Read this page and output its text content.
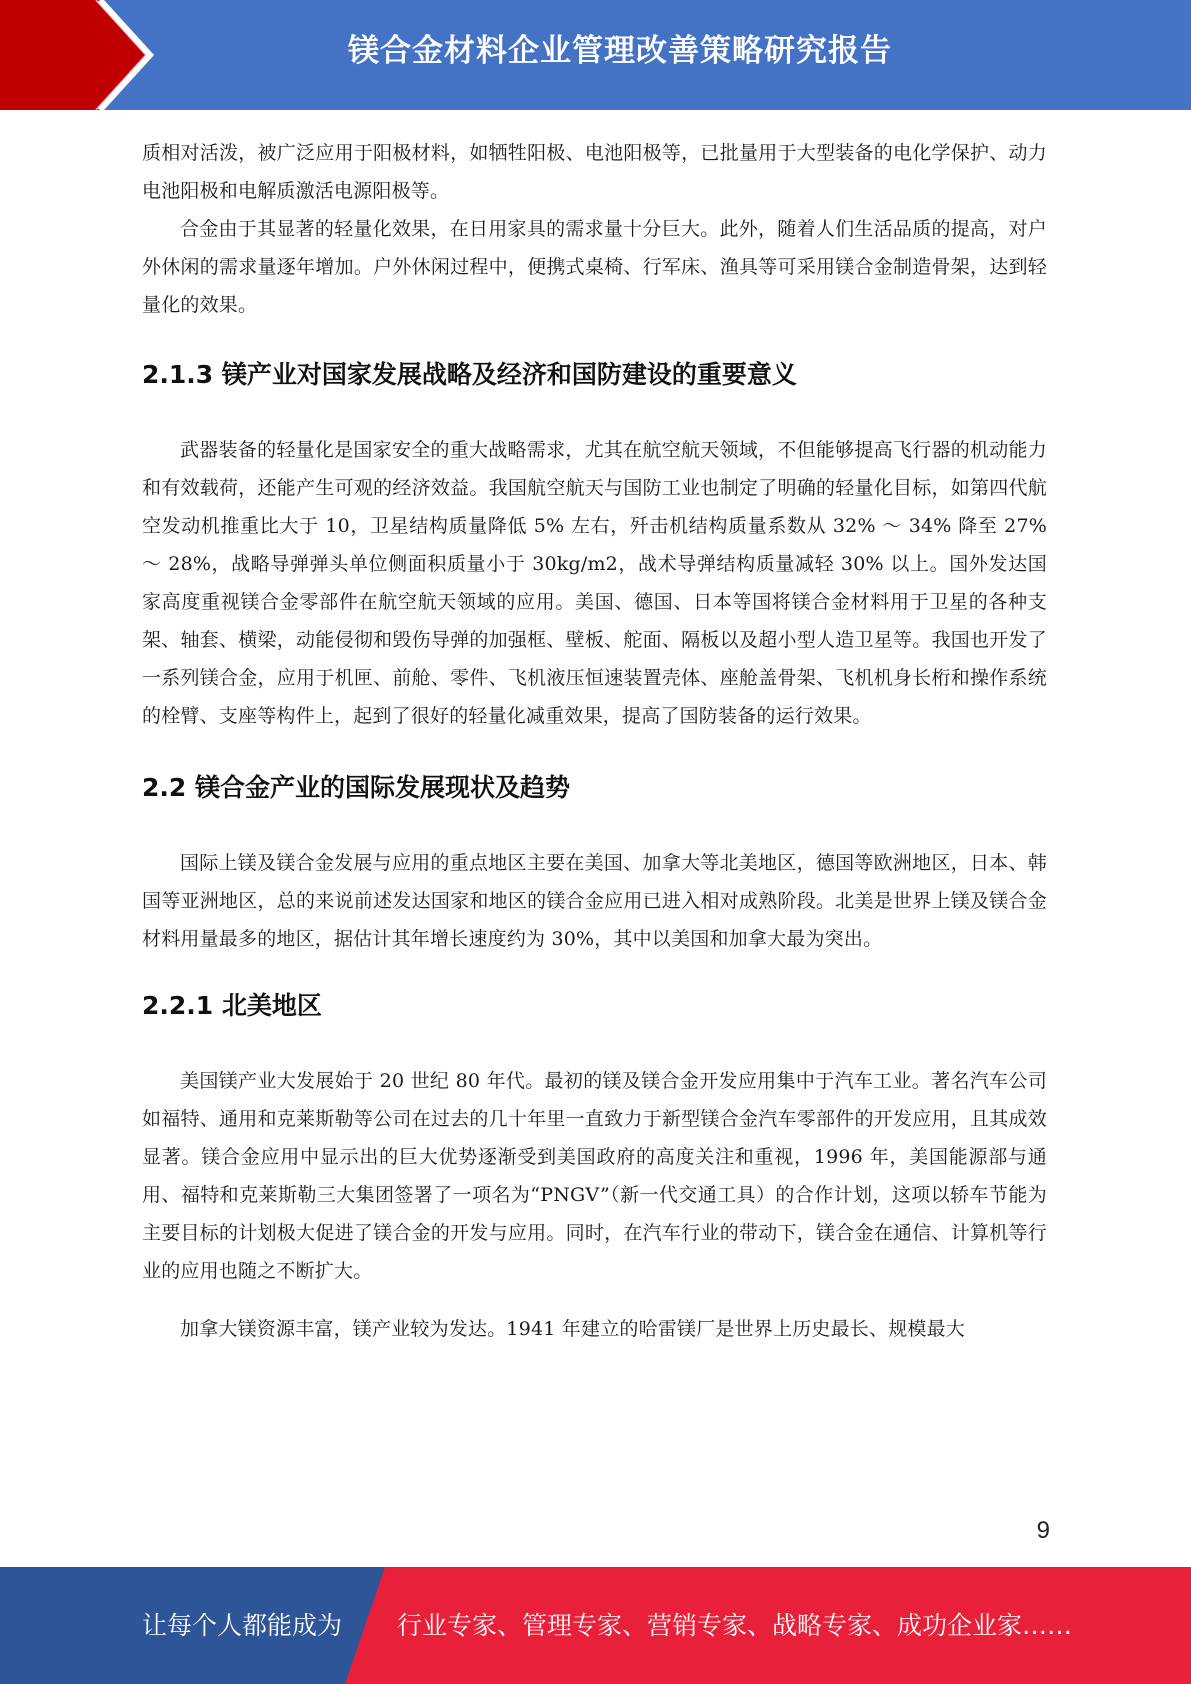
镁合金材料企业管理改善策略研究报告

质相对活泼，被广泛应用于阳极材料，如牺牲阳极、电池阳极等，已批量用于大型装备的电化学保护、动力电池阳极和电解质激活电源阳极等。

合金由于其显著的轻量化效果，在日用家具的需求量十分巨大。此外，随着人们生活品质的提高，对户外休闲的需求量逐年增加。户外休闲过程中，便携式桌椅、行军床、渔具等可采用镁合金制造骨架，达到轻量化的效果。

2.1.3 镁产业对国家发展战略及经济和国防建设的重要意义

武器装备的轻量化是国家安全的重大战略需求，尤其在航空航天领域，不但能够提高飞行器的机动能力和有效载荷，还能产生可观的经济效益。我国航空航天与国防工业也制定了明确的轻量化目标，如第四代航空发动机推重比大于 10，卫星结构质量降低 5% 左右，歼击机结构质量系数从 32% ～ 34% 降至 27% ～ 28%，战略导弹弹头单位侧面积质量小于 30kg/m2，战术导弹结构质量减轻 30% 以上。国外发达国家高度重视镁合金零部件在航空航天领域的应用。美国、德国、日本等国将镁合金材料用于卫星的各种支架、轴套、横梁，动能侵彻和毁伤导弹的加强框、壁板、舵面、隔板以及超小型人造卫星等。我国也开发了一系列镁合金，应用于机匣、前舱、零件、飞机液压恒速装置壳体、座舱盖骨架、飞机机身长桁和操作系统的栓臂、支座等构件上，起到了很好的轻量化减重效果，提高了国防装备的运行效果。

2.2 镁合金产业的国际发展现状及趋势

国际上镁及镁合金发展与应用的重点地区主要在美国、加拿大等北美地区，德国等欧洲地区，日本、韩国等亚洲地区，总的来说前述发达国家和地区的镁合金应用已进入相对成熟阶段。北美是世界上镁及镁合金材料用量最多的地区，据估计其年增长速度约为 30%，其中以美国和加拿大最为突出。

2.2.1 北美地区

美国镁产业大发展始于 20 世纪 80 年代。最初的镁及镁合金开发应用集中于汽车工业。著名汽车公司如福特、通用和克莱斯勒等公司在过去的几十年里一直致力于新型镁合金汽车零部件的开发应用，且其成效显著。镁合金应用中显示出的巨大优势逐渐受到美国政府的高度关注和重视，1996 年，美国能源部与通用、福特和克莱斯勒三大集团签署了一项名为“PNGV”（新一代交通工具）的合作计划，这项以轿车节能为主要目标的计划极大促进了镁合金的开发与应用。同时，在汽车行业的带动下，镁合金在通信、计算机等行业的应用也随之不断扩大。

加拿大镁资源丰富，镁产业较为发达。1941 年建立的哈雷镁厂是世界上历史最长、规模最大

9
让每个人都能成为 行业专家、管理专家、营销专家、战略专家、成功企业家……
